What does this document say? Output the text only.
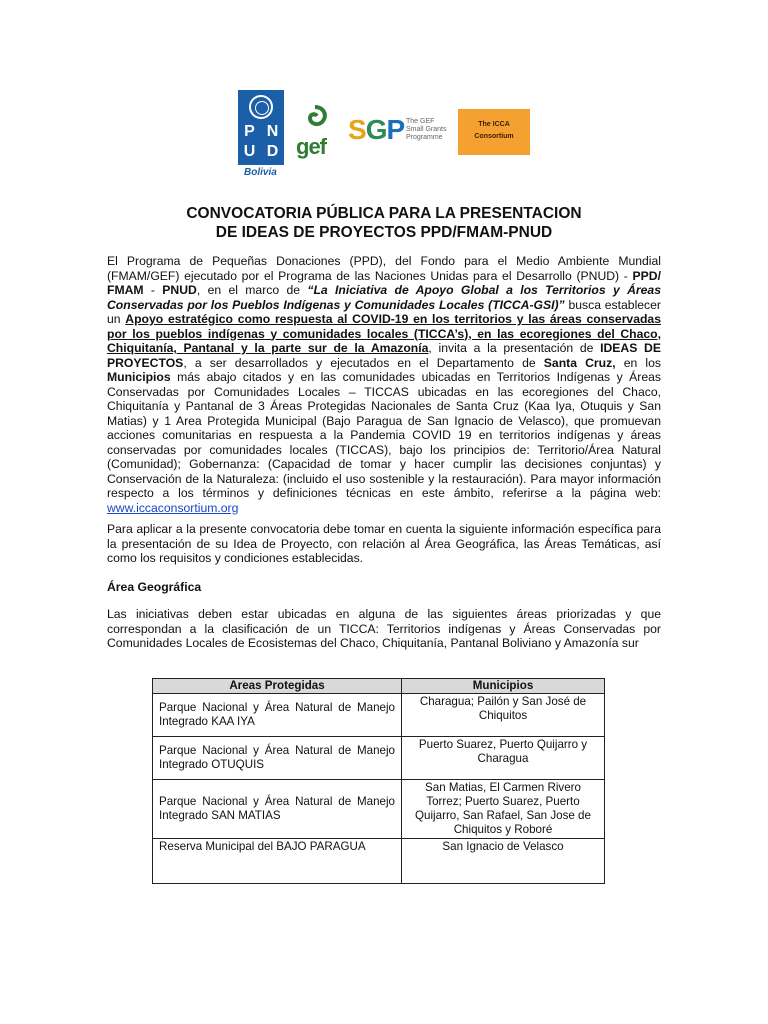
P N
U D
Bolivia
gef
SGP The GEF
Small Grants
Programme
The ICCA
Consortium
CONVOCATORIA PÚBLICA PARA LA PRESENTACION
DE IDEAS DE PROYECTOS PPD/FMAM-PNUD
El Programa de Pequeñas Donaciones (PPD), del Fondo para el Medio Ambiente Mundial (FMAM/GEF) ejecutado por el Programa de las Naciones Unidas para el Desarrollo (PNUD) - PPD/ FMAM - PNUD, en el marco de “La Iniciativa de Apoyo Global a los Territorios y Áreas Conservadas por los Pueblos Indígenas y Comunidades Locales (TICCA-GSI)” busca establecer un Apoyo estratégico como respuesta al COVID-19 en los territorios y las áreas conservadas por los pueblos indígenas y comunidades locales (TICCA’s), en las ecoregiones del Chaco, Chiquitanía, Pantanal y la parte sur de la Amazonía, invita a la presentación de IDEAS DE PROYECTOS, a ser desarrollados y ejecutados en el Departamento de Santa Cruz, en los Municipios más abajo citados y en las comunidades ubicadas en Territorios Indígenas y Áreas Conservadas por Comunidades Locales – TICCAS ubicadas en las ecoregiones del Chaco, Chiquitanía y Pantanal de 3 Áreas Protegidas Nacionales de Santa Cruz (Kaa Iya, Otuquis y San Matias) y 1 Area Protegida Municipal (Bajo Paragua de San Ignacio de Velasco), que promuevan acciones comunitarias en respuesta a la Pandemia COVID 19 en territorios indígenas y áreas conservadas por comunidades locales (TICCAS), bajo los principios de: Territorio/Área Natural (Comunidad); Gobernanza: (Capacidad de tomar y hacer cumplir las decisiones conjuntas) y Conservación de la Naturaleza: (incluido el uso sostenible y la restauración). Para mayor información respecto a los términos y definiciones técnicas en este ámbito, referirse a la página web: www.iccaconsortium.org
Para aplicar a la presente convocatoria debe tomar en cuenta la siguiente información específica para la presentación de su Idea de Proyecto, con relación al Área Geográfica, las Áreas Temáticas, así como los requisitos y condiciones establecidas.
Área Geográfica
Las iniciativas deben estar ubicadas en alguna de las siguientes áreas priorizadas y que correspondan a la clasificación de un TICCA: Territorios indígenas y Áreas Conservadas por Comunidades Locales de Ecosistemas del Chaco, Chiquitanía, Pantanal Boliviano y Amazonía sur
Areas Protegidas	Municipios
Parque Nacional y Área Natural de Manejo Integrado KAA IYA	Charagua; Pailón y San José de Chiquitos
Parque Nacional y Área Natural de Manejo Integrado OTUQUIS	Puerto Suarez, Puerto Quijarro y Charagua
Parque Nacional y Área Natural de Manejo Integrado SAN MATIAS	San Matias, El Carmen Rivero Torrez; Puerto Suarez, Puerto Quijarro, San Rafael, San Jose de Chiquitos y Roboré
Reserva Municipal del BAJO PARAGUA	San Ignacio de Velasco
